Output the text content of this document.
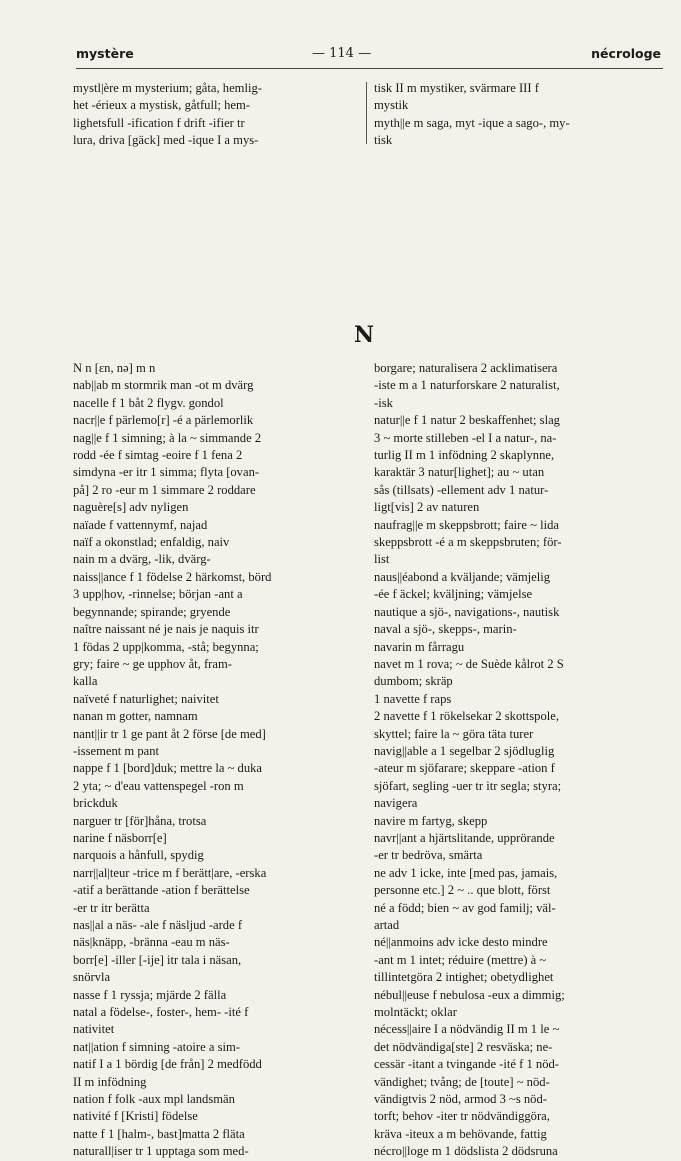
mystère	— 114 —	nécrologe
mystl|ère m mysterium; gåta, hemlig-
het -érieux a mystisk, gåtfull; hem-
lighetsfull -ification f drift -ifier tr
lura, driva [gäck] med -ique I a mys-
tisk II m mystiker, svärmare III f
mystik
myth||e m saga, myt -ique a sago-, my-
tisk
N
N n [ɛn, nə] m n
nab||ab m stormrik man -ot m dvärg
nacelle f 1 båt 2 flygv. gondol
nacr||e f pärlemo[r] -é a pärlemorlik
nag||e f 1 simning; à la ~ simmande 2
rodd -ée f simtag -eoire f 1 fena 2
simdyna -er itr 1 simma; flyta [ovan-
på] 2 ro -eur m 1 simmare 2 roddare
naguère[s] adv nyligen
naïade f vattennymf, najad
naïf a okonstlad; enfaldig, naiv
nain m a dvärg, -lik, dvärg-
naiss||ance f 1 födelse 2 härkomst, börd
3 upp|hov, -rinnelse; början -ant a
begynnande; spirande; gryende
naître naissant né je nais je naquis itr
1 födas 2 upp|komma, -stå; begynna;
gry; faire ~ ge upphov åt, fram-
kalla
naïveté f naturlighet; naivitet
nanan m gotter, namnam
nant||ir tr 1 ge pant åt 2 förse [de med]
-issement m pant
nappe f 1 [bord]duk; mettre la ~ duka
2 yta; ~ d'eau vattenspegel -ron m
brickduk
narguer tr [för]håna, trotsa
narine f näsborr[e]
narquois a hånfull, spydig
narr||al|teur -trice m f berätt|are, -erska
-atif a berättande -ation f berättelse
-er tr itr berätta
nas||al a näs- -ale f näsljud -arde f
näs|knäpp, -bränna -eau m näs-
borr[e] -iller [-ije] itr tala i näsan,
snörvla
nasse f 1 ryssja; mjärde 2 fälla
natal a födelse-, foster-, hem- -ité f
nativitet
nat||ation f simning -atoire a sim-
natif I a 1 bördig [de från] 2 medfödd
II m infödning
nation f folk -aux mpl landsmän
nativité f [Kristi] födelse
natte f 1 [halm-, bast]matta 2 fläta
naturall|iser tr 1 upptaga som med-
borgare; naturalisera 2 acklimatisera
-iste m a 1 naturforskare 2 naturalist,
-isk
natur||e f 1 natur 2 beskaffenhet; slag
3 ~ morte stilleben -el I a natur-, na-
turlig II m 1 infödning 2 skaplynne,
karaktär 3 natur[lighet]; au ~ utan
sås (tillsats) -ellement adv 1 natur-
ligt[vis] 2 av naturen
naufrag||e m skeppsbrott; faire ~ lida
skeppsbrott -é a m skeppsbruten; för-
list
naus||éabond a kväljande; vämjelig
-ée f äckel; kväljning; vämjelse
nautique a sjö-, navigations-, nautisk
naval a sjö-, skepps-, marin-
navarin m fårragu
navet m 1 rova; ~ de Suède kålrot 2 S
dumbom; skräp
1 navette f raps
2 navette f 1 rökelsekar 2 skottspole,
skyttel; faire la ~ göra täta turer
navig||able a 1 segelbar 2 sjödluglig
-ateur m sjöfarare; skeppare -ation f
sjöfart, segling -uer tr itr segla; styra;
navigera
navire m fartyg, skepp
navr||ant a hjärtslitande, upprörande
-er tr bedröva, smärta
ne adv 1 icke, inte [med pas, jamais,
personne etc.] 2 ~ .. que blott, först
né a född; bien ~ av god familj; väl-
artad
né||anmoins adv icke desto mindre
-ant m 1 intet; réduire (mettre) à ~
tillintetgöra 2 intighet; obetydlighet
nébul||euse f nebulosa -eux a dimmig;
molntäckt; oklar
nécess||aire I a nödvändig II m 1 le ~
det nödvändiga[ste] 2 resväska; ne-
cessär -itant a tvingande -ité f 1 nöd-
vändighet; tvång; de [toute] ~ nöd-
vändigtvis 2 nöd, armod 3 ~s nöd-
torft; behov -iter tr nödvändiggöra,
kräva -iteux a m behövande, fattig
nécro||loge m 1 dödslista 2 dödsruna
